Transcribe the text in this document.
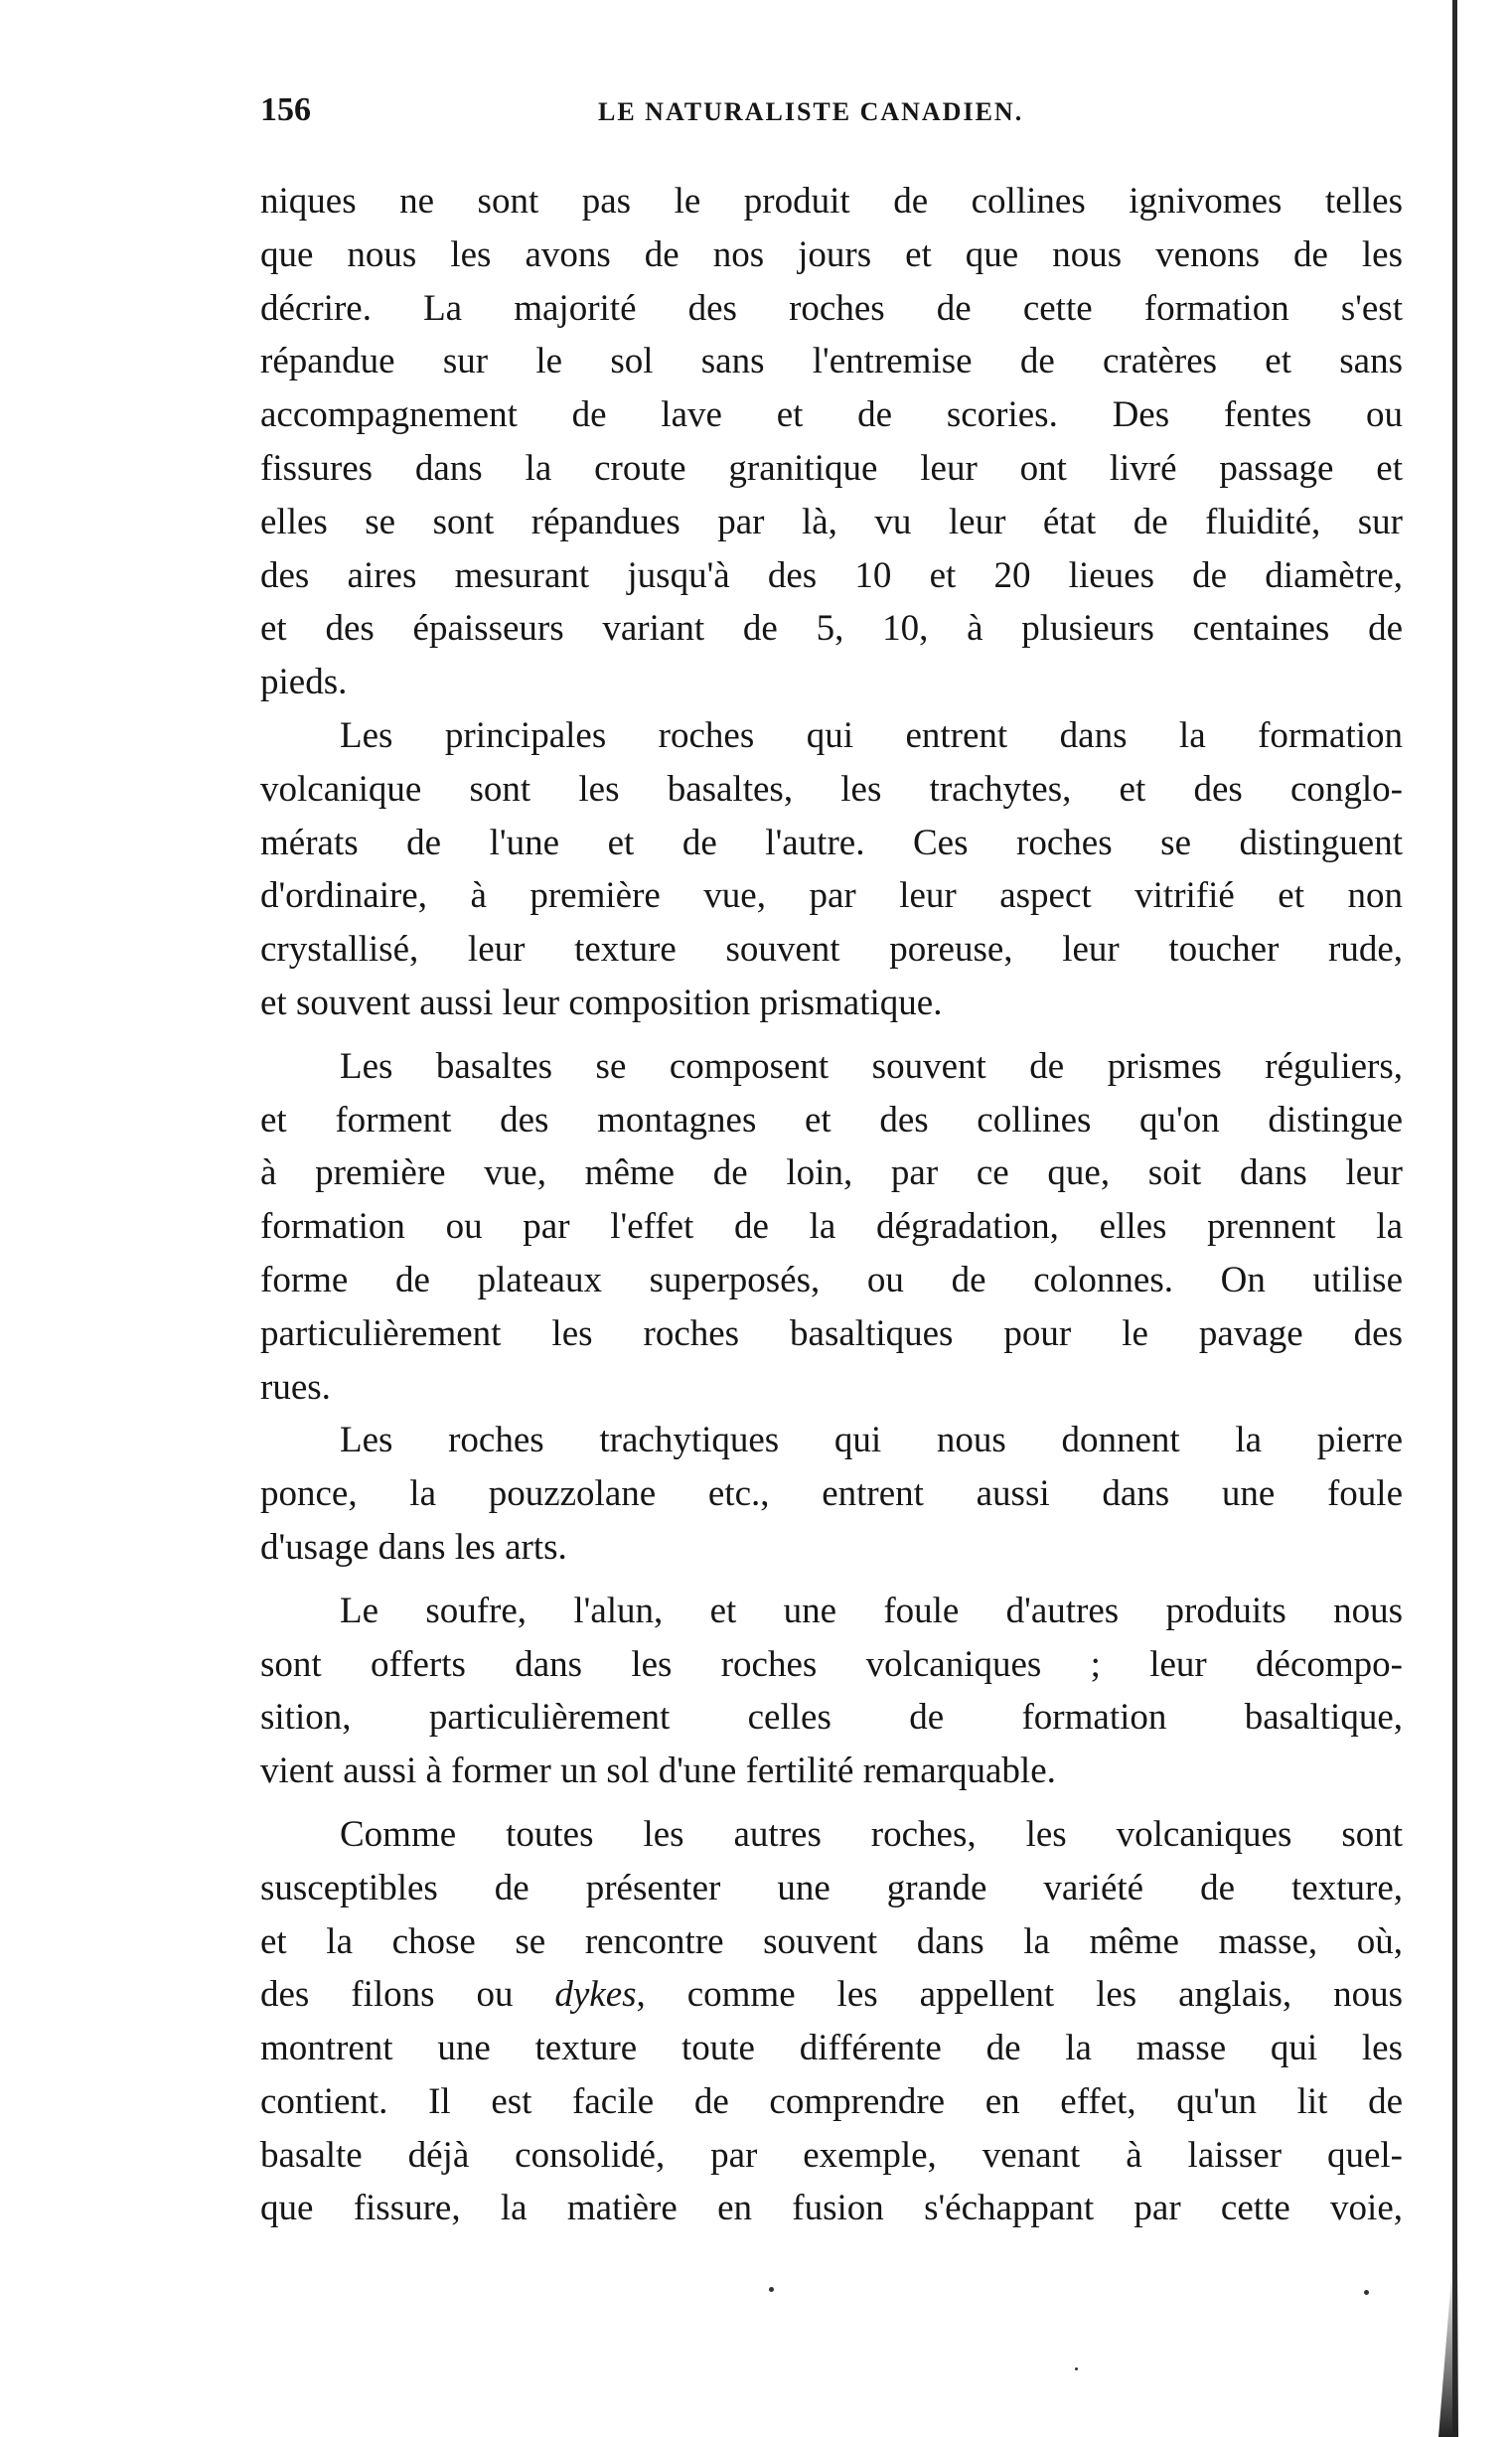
156	LE NATURALISTE CANADIEN.
niques ne sont pas le produit de collines ignivomes telles
que nous les avons de nos jours et que nous venons de les
décrire. La majorité des roches de cette formation s'est
répandue sur le sol sans l'entremise de cratères et sans
accompagnement de lave et de scories. Des fentes ou
fissures dans la croute granitique leur ont livré passage et
elles se sont répandues par là, vu leur état de fluidité, sur
des aires mesurant jusqu'à des 10 et 20 lieues de diamètre,
et des épaisseurs variant de 5, 10, à plusieurs centaines de
pieds.
Les principales roches qui entrent dans la formation
volcanique sont les basaltes, les trachytes, et des conglo-
mérats de l'une et de l'autre. Ces roches se distinguent
d'ordinaire, à première vue, par leur aspect vitrifié et non
crystallisé, leur texture souvent poreuse, leur toucher rude,
et souvent aussi leur composition prismatique.
Les basaltes se composent souvent de prismes réguliers,
et forment des montagnes et des collines qu'on distingue
à première vue, même de loin, par ce que, soit dans leur
formation ou par l'effet de la dégradation, elles prennent la
forme de plateaux superposés, ou de colonnes. On utilise
particulièrement les roches basaltiques pour le pavage des
rues.
Les roches trachytiques qui nous donnent la pierre
ponce, la pouzzolane etc., entrent aussi dans une foule
d'usage dans les arts.
Le soufre, l'alun, et une foule d'autres produits nous
sont offerts dans les roches volcaniques ; leur décompo-
sition, particulièrement celles de formation basaltique,
vient aussi à former un sol d'une fertilité remarquable.
Comme toutes les autres roches, les volcaniques sont
susceptibles de présenter une grande variété de texture,
et la chose se rencontre souvent dans la même masse, où,
des filons ou dykes, comme les appellent les anglais, nous
montrent une texture toute différente de la masse qui les
contient. Il est facile de comprendre en effet, qu'un lit de
basalte déjà consolidé, par exemple, venant à laisser quel-
que fissure, la matière en fusion s'échappant par cette voie,
